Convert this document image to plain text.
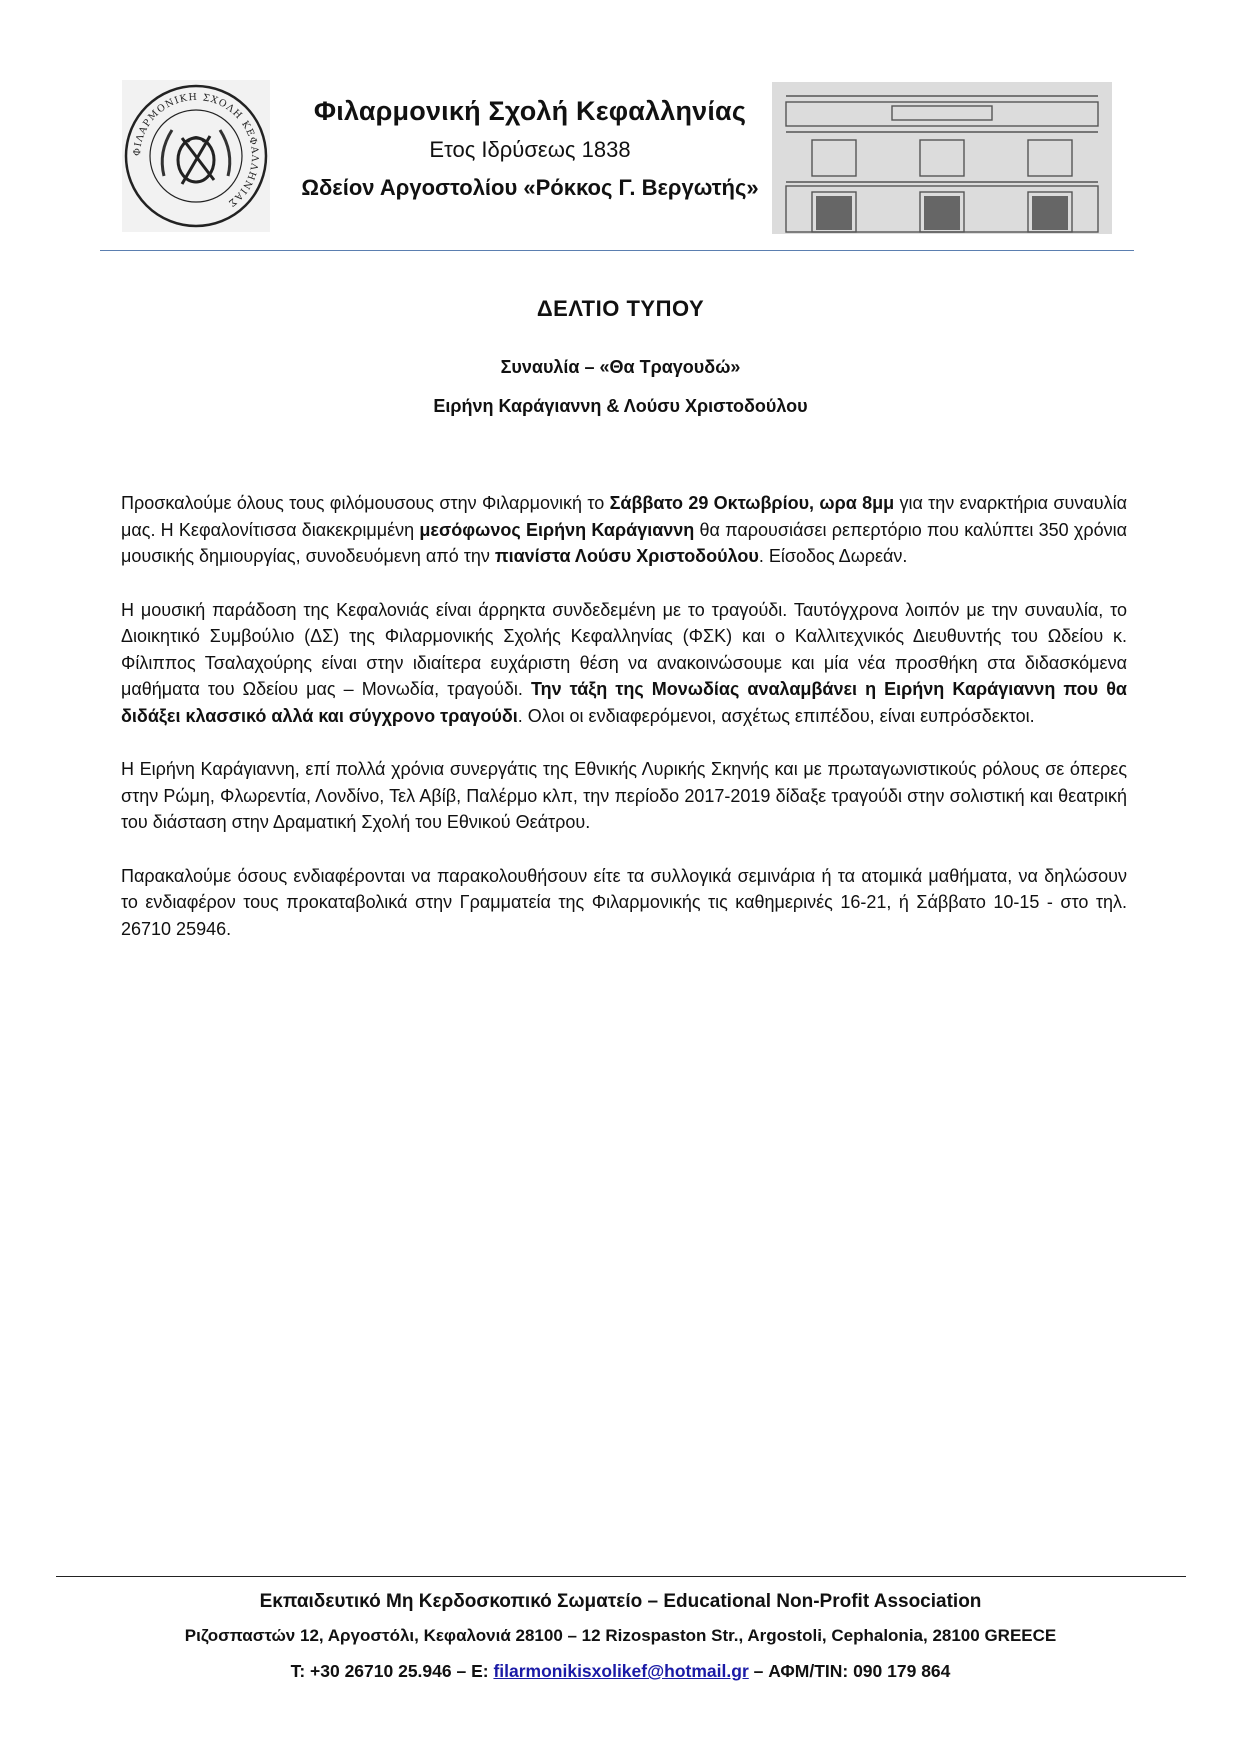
ΦΙΛΑΡΜΟΝΙΚΗ ΣΧΟΛΗ ΚΕΦΑΛΛΗΝΙΑΣ
Φιλαρμονική Σχολή Κεφαλληνίας
Ετος Ιδρύσεως 1838
Ωδείον Αργοστολίου «Ρόκκος Γ. Βεργωτής»
ΔΕΛΤΙΟ ΤΥΠΟΥ
Συναυλία – «Θα Τραγουδώ»
Ειρήνη Καράγιαννη & Λούσυ Χριστοδούλου

Προσκαλούμε όλους τους φιλόμουσους στην Φιλαρμονική το Σάββατο 29 Οκτωβρίου, ωρα 8μμ για την εναρκτήρια συναυλία μας. Η Κεφαλονίτισσα διακεκριμμένη μεσόφωνος Ειρήνη Καράγιαννη θα παρουσιάσει ρεπερτόριο που καλύπτει 350 χρόνια μουσικής δημιουργίας, συνοδευόμενη από την πιανίστα Λούσυ Χριστοδούλου. Είσοδος Δωρεάν.

Η μουσική παράδοση της Κεφαλονιάς είναι άρρηκτα συνδεδεμένη με το τραγούδι. Ταυτόγχρονα λοιπόν με την συναυλία, το Διοικητικό Συμβούλιο (ΔΣ) της Φιλαρμονικής Σχολής Κεφαλληνίας (ΦΣΚ) και ο Καλλιτεχνικός Διευθυντής του Ωδείου κ. Φίλιππος Τσαλαχούρης είναι στην ιδιαίτερα ευχάριστη θέση να ανακοινώσουμε και μία νέα προσθήκη στα διδασκόμενα μαθήματα του Ωδείου μας – Μονωδία, τραγούδι. Την τάξη της Μονωδίας αναλαμβάνει η Ειρήνη Καράγιαννη που θα διδάξει κλασσικό αλλά και σύγχρονο τραγούδι. Ολοι οι ενδιαφερόμενοι, ασχέτως επιπέδου, είναι ευπρόσδεκτοι.

Η Ειρήνη Καράγιαννη, επί πολλά χρόνια συνεργάτις της Εθνικής Λυρικής Σκηνής και με πρωταγωνιστικούς ρόλους σε όπερες στην Ρώμη, Φλωρεντία, Λονδίνο, Τελ Αβίβ, Παλέρμο κλπ, την περίοδο 2017-2019 δίδαξε τραγούδι στην σολιστική και θεατρική του διάσταση στην Δραματική Σχολή του Εθνικού Θεάτρου.

Παρακαλούμε όσους ενδιαφέρονται να παρακολουθήσουν είτε τα συλλογικά σεμινάρια ή τα ατομικά μαθήματα, να δηλώσουν το ενδιαφέρον τους προκαταβολικά στην Γραμματεία της Φιλαρμονικής τις καθημερινές 16-21, ή Σάββατο 10-15 - στο τηλ. 26710 25946.

Εκπαιδευτικό Μη Κερδοσκοπικό Σωματείο – Educational Non-Profit Association
Ριζοσπαστών 12, Αργοστόλι, Κεφαλονιά 28100 – 12 Rizospaston Str., Argostoli, Cephalonia, 28100 GREECE
T: +30 26710 25.946 – E: filarmonikisxolikef@hotmail.gr – ΑΦΜ/TIN: 090 179 864
